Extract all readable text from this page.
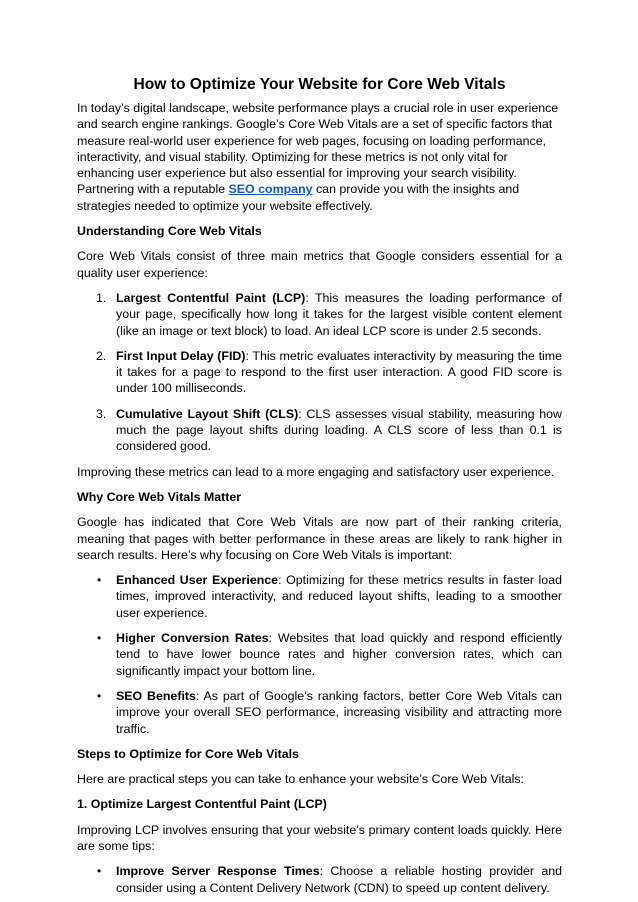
How to Optimize Your Website for Core Web Vitals

In today’s digital landscape, website performance plays a crucial role in user experience and search engine rankings. Google’s Core Web Vitals are a set of specific factors that measure real-world user experience for web pages, focusing on loading performance, interactivity, and visual stability. Optimizing for these metrics is not only vital for enhancing user experience but also essential for improving your search visibility. Partnering with a reputable SEO company can provide you with the insights and strategies needed to optimize your website effectively.

Understanding Core Web Vitals

Core Web Vitals consist of three main metrics that Google considers essential for a quality user experience:

1. Largest Contentful Paint (LCP): This measures the loading performance of your page, specifically how long it takes for the largest visible content element (like an image or text block) to load. An ideal LCP score is under 2.5 seconds.
2. First Input Delay (FID): This metric evaluates interactivity by measuring the time it takes for a page to respond to the first user interaction. A good FID score is under 100 milliseconds.
3. Cumulative Layout Shift (CLS): CLS assesses visual stability, measuring how much the page layout shifts during loading. A CLS score of less than 0.1 is considered good.

Improving these metrics can lead to a more engaging and satisfactory user experience.

Why Core Web Vitals Matter

Google has indicated that Core Web Vitals are now part of their ranking criteria, meaning that pages with better performance in these areas are likely to rank higher in search results. Here’s why focusing on Core Web Vitals is important:

• Enhanced User Experience: Optimizing for these metrics results in faster load times, improved interactivity, and reduced layout shifts, leading to a smoother user experience.
• Higher Conversion Rates: Websites that load quickly and respond efficiently tend to have lower bounce rates and higher conversion rates, which can significantly impact your bottom line.
• SEO Benefits: As part of Google’s ranking factors, better Core Web Vitals can improve your overall SEO performance, increasing visibility and attracting more traffic.
Steps to Optimize for Core Web Vitals

Here are practical steps you can take to enhance your website’s Core Web Vitals:

1. Optimize Largest Contentful Paint (LCP)

Improving LCP involves ensuring that your website’s primary content loads quickly. Here are some tips:

• Improve Server Response Times: Choose a reliable hosting provider and consider using a Content Delivery Network (CDN) to speed up content delivery.
